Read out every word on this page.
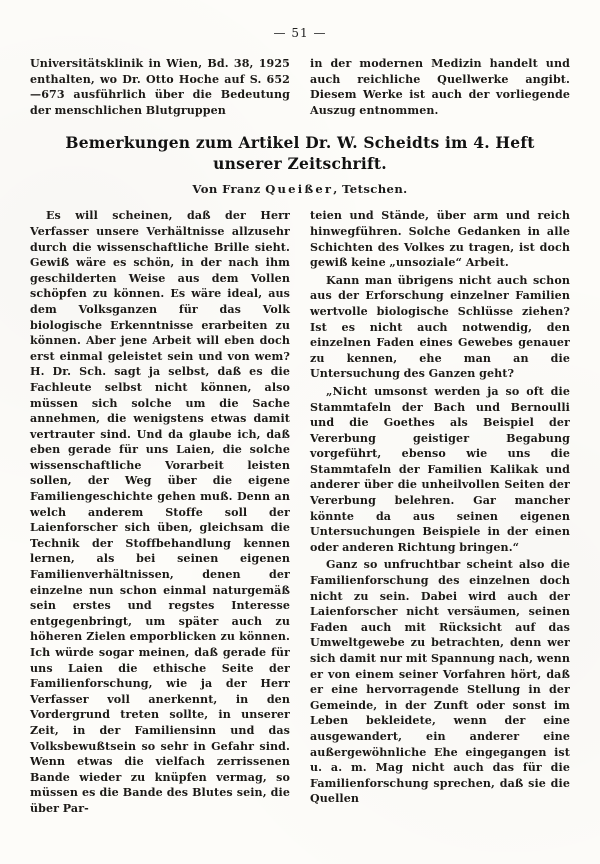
— 51 —

Universitätsklinik in Wien, Bd. 38, 1925 enthalten, wo Dr. Otto Hoche auf S. 652—673 ausführlich über die Bedeutung der menschlichen Blutgruppen

in der modernen Medizin handelt und auch reichliche Quellwerke angibt. Diesem Werke ist auch der vorliegende Auszug entnommen.

Bemerkungen zum Artikel Dr. W. Scheidts im 4. Heft
unserer Zeitschrift.
Von Franz Queißer, Tetschen.

Es will scheinen, daß der Herr Verfasser unsere Verhältnisse allzusehr durch die wissenschaftliche Brille sieht. Gewiß wäre es schön, in der nach ihm geschilderten Weise aus dem Vollen schöpfen zu können. Es wäre ideal, aus dem Volksganzen für das Volk biologische Erkenntnisse erarbeiten zu können. Aber jene Arbeit will eben doch erst einmal geleistet sein und von wem? H. Dr. Sch. sagt ja selbst, daß es die Fachleute selbst nicht können, also müssen sich solche um die Sache annehmen, die wenigstens etwas damit vertrauter sind. Und da glaube ich, daß eben gerade für uns Laien, die solche wissenschaftliche Vorarbeit leisten sollen, der Weg über die eigene Familiengeschichte gehen muß. Denn an welch anderem Stoffe soll der Laienforscher sich üben, gleichsam die Technik der Stoffbehandlung kennen lernen, als bei seinen eigenen Familienverhältnissen, denen der einzelne nun schon einmal naturgemäß sein erstes und regstes Interesse entgegenbringt, um später auch zu höheren Zielen emporblicken zu können. Ich würde sogar meinen, daß gerade für uns Laien die ethische Seite der Familienforschung, wie ja der Herr Verfasser voll anerkennt, in den Vordergrund treten sollte, in unserer Zeit, in der Familiensinn und das Volksbewußtsein so sehr in Gefahr sind. Wenn etwas die vielfach zerrissenen Bande wieder zu knüpfen vermag, so müssen es die Bande des Blutes sein, die über Par-

teien und Stände, über arm und reich hinwegführen. Solche Gedanken in alle Schichten des Volkes zu tragen, ist doch gewiß keine „unsoziale“ Arbeit.

Kann man übrigens nicht auch schon aus der Erforschung einzelner Familien wertvolle biologische Schlüsse ziehen? Ist es nicht auch notwendig, den einzelnen Faden eines Gewebes genauer zu kennen, ehe man an die Untersuchung des Ganzen geht?

„Nicht umsonst werden ja so oft die Stammtafeln der Bach und Bernoulli und die Goethes als Beispiel der Vererbung geistiger Begabung vorgeführt, ebenso wie uns die Stammtafeln der Familien Kalikak und anderer über die unheilvollen Seiten der Vererbung belehren. Gar mancher könnte da aus seinen eigenen Untersuchungen Beispiele in der einen oder anderen Richtung bringen.“

Ganz so unfruchtbar scheint also die Familienforschung des einzelnen doch nicht zu sein. Dabei wird auch der Laienforscher nicht versäumen, seinen Faden auch mit Rücksicht auf das Umweltgewebe zu betrachten, denn wer sich damit nur mit Spannung nach, wenn er von einem seiner Vorfahren hört, daß er eine hervorragende Stellung in der Gemeinde, in der Zunft oder sonst im Leben bekleidete, wenn der eine ausgewandert, ein anderer eine außergewöhnliche Ehe eingegangen ist u. a. m. Mag nicht auch das für die Familienforschung sprechen, daß sie die Quellen
